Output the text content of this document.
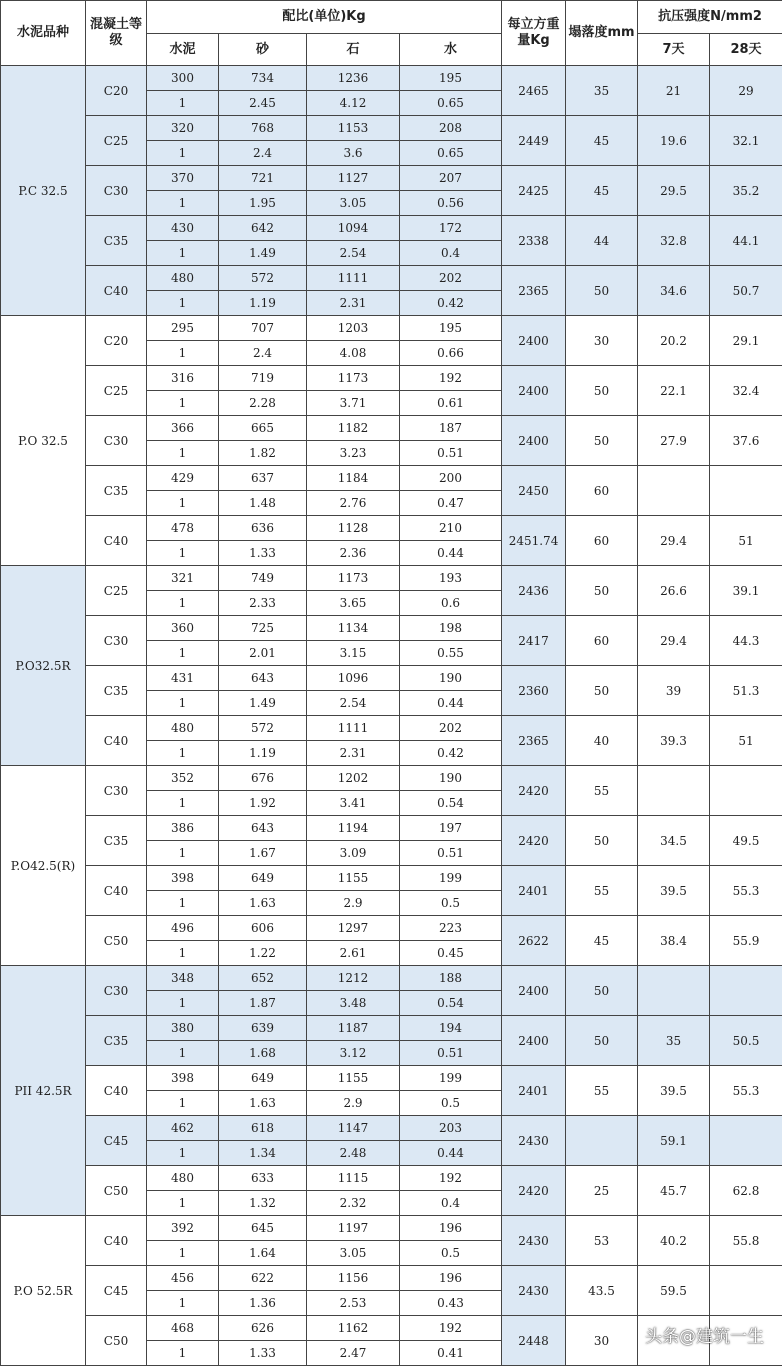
水泥品种	混凝土等级	配比(单位)Kg				每立方重量Kg	塌落度mm	抗压强度N/mm2	
		水泥	砂	石	水			7天	28天
P.C 32.5	C20	300	734	1236	195	2465	35	21	29
		1	2.45	4.12	0.65				
	C25	320	768	1153	208	2449	45	19.6	32.1
		1	2.4	3.6	0.65				
	C30	370	721	1127	207	2425	45	29.5	35.2
		1	1.95	3.05	0.56				
	C35	430	642	1094	172	2338	44	32.8	44.1
		1	1.49	2.54	0.4				
	C40	480	572	1111	202	2365	50	34.6	50.7
		1	1.19	2.31	0.42				
P.O 32.5	C20	295	707	1203	195	2400	30	20.2	29.1
		1	2.4	4.08	0.66				
	C25	316	719	1173	192	2400	50	22.1	32.4
		1	2.28	3.71	0.61				
	C30	366	665	1182	187	2400	50	27.9	37.6
		1	1.82	3.23	0.51				
	C35	429	637	1184	200	2450	60		
		1	1.48	2.76	0.47				
	C40	478	636	1128	210	2451.74	60	29.4	51
		1	1.33	2.36	0.44				
P.O32.5R	C25	321	749	1173	193	2436	50	26.6	39.1
		1	2.33	3.65	0.6				
	C30	360	725	1134	198	2417	60	29.4	44.3
		1	2.01	3.15	0.55				
	C35	431	643	1096	190	2360	50	39	51.3
		1	1.49	2.54	0.44				
	C40	480	572	1111	202	2365	40	39.3	51
		1	1.19	2.31	0.42				
P.O42.5(R)	C30	352	676	1202	190	2420	55		
		1	1.92	3.41	0.54				
	C35	386	643	1194	197	2420	50	34.5	49.5
		1	1.67	3.09	0.51				
	C40	398	649	1155	199	2401	55	39.5	55.3
		1	1.63	2.9	0.5				
	C50	496	606	1297	223	2622	45	38.4	55.9
		1	1.22	2.61	0.45				
PII 42.5R	C30	348	652	1212	188	2400	50		
		1	1.87	3.48	0.54				
	C35	380	639	1187	194	2400	50	35	50.5
		1	1.68	3.12	0.51				
	C40	398	649	1155	199	2401	55	39.5	55.3
		1	1.63	2.9	0.5				
	C45	462	618	1147	203	2430		59.1	
		1	1.34	2.48	0.44				
	C50	480	633	1115	192	2420	25	45.7	62.8
		1	1.32	2.32	0.4				
P.O 52.5R	C40	392	645	1197	196	2430	53	40.2	55.8
		1	1.64	3.05	0.5				
	C45	456	622	1156	196	2430	43.5	59.5	
		1	1.36	2.53	0.43				
	C50	468	626	1162	192	2448	30		
		1	1.33	2.47	0.41				
头条@建筑一生
